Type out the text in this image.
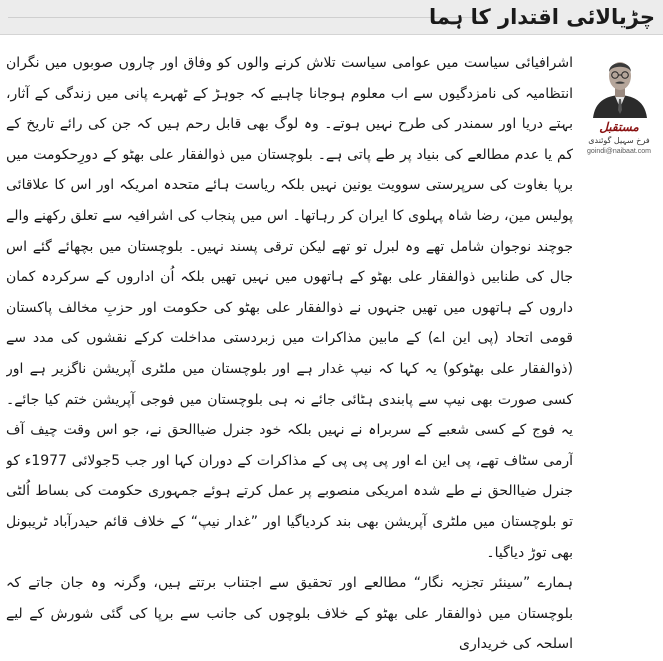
چڑیالائی اقتدار کا ہما

اشرافیائی سیاست میں عوامی سیاست تلاش کرنے والوں کو وفاق اور چاروں صوبوں میں نگران انتظامیہ کی نامزدگیوں سے اب معلوم ہوجانا چاہیے کہ جوہڑ کے ٹھہرے پانی میں زندگی کے آثار، بہتے دریا اور سمندر کی طرح نہیں ہوتے۔ وہ لوگ بھی قابل رحم ہیں کہ جن کی رائے تاریخ کے کم یا عدم مطالعے کی بنیاد پر طے پاتی ہے۔ بلوچستان میں ذوالفقار علی بھٹو کے دورِحکومت میں برپا بغاوت کی سرپرستی سوویت یونین نہیں بلکہ ریاست ہائے متحدہ امریکہ اور اس کا علاقائی پولیس مین، رضا شاہ پہلوی کا ایران کر رہاتھا۔ اس میں پنجاب کی اشرافیہ سے تعلق رکھنے والے جوچند نوجوان شامل تھے وہ لبرل تو تھے لیکن ترقی پسند نہیں۔ بلوچستان میں بچھائے گئے اس جال کی طنابیں ذوالفقار علی بھٹو کے ہاتھوں میں نہیں تھیں بلکہ اُن اداروں کے سرکردہ کمان داروں کے ہاتھوں میں تھیں جنہوں نے ذوالفقار علی بھٹو کی حکومت اور حزبِ مخالف پاکستان قومی اتحاد (پی این اے) کے مابین مذاکرات میں زبردستی مداخلت کرکے نقشوں کی مدد سے (ذوالفقار علی بھٹوکو) یہ کہا کہ نیپ غدار ہے اور بلوچستان میں ملٹری آپریشن ناگزیر ہے اور کسی صورت بھی نیپ سے پابندی ہٹائی جائے نہ ہی بلوچستان میں فوجی آپریشن ختم کیا جائے۔ یہ فوج کے کسی شعبے کے سربراہ نے نہیں بلکہ خود جنرل ضیاالحق نے، جو اس وقت چیف آف آرمی سٹاف تھے، پی این اے اور پی پی پی کے مذاکرات کے دوران کہا اور جب 5جولائی 1977ء کو جنرل ضیاالحق نے طے شدہ امریکی منصوبے پر عمل کرتے ہوئے جمہوری حکومت کی بساط اُلٹی تو بلوچستان میں ملٹری آپریشن بھی بند کردیاگیا اور ”غدار نیپ“ کے خلاف قائم حیدرآباد ٹریبونل بھی توڑ دیاگیا۔

ہمارے ”سینئر تجزیہ نگار“ مطالعے اور تحقیق سے اجتناب برتتے ہیں، وگرنہ وہ جان جاتے کہ بلوچستان میں ذوالفقار علی بھٹو کے خلاف بلوچوں کی جانب سے برپا کی گئی شورش کے لیے اسلحہ کی خریداری

مستقبل
فرخ سہیل گوئندی
goindi@naibaat.com
